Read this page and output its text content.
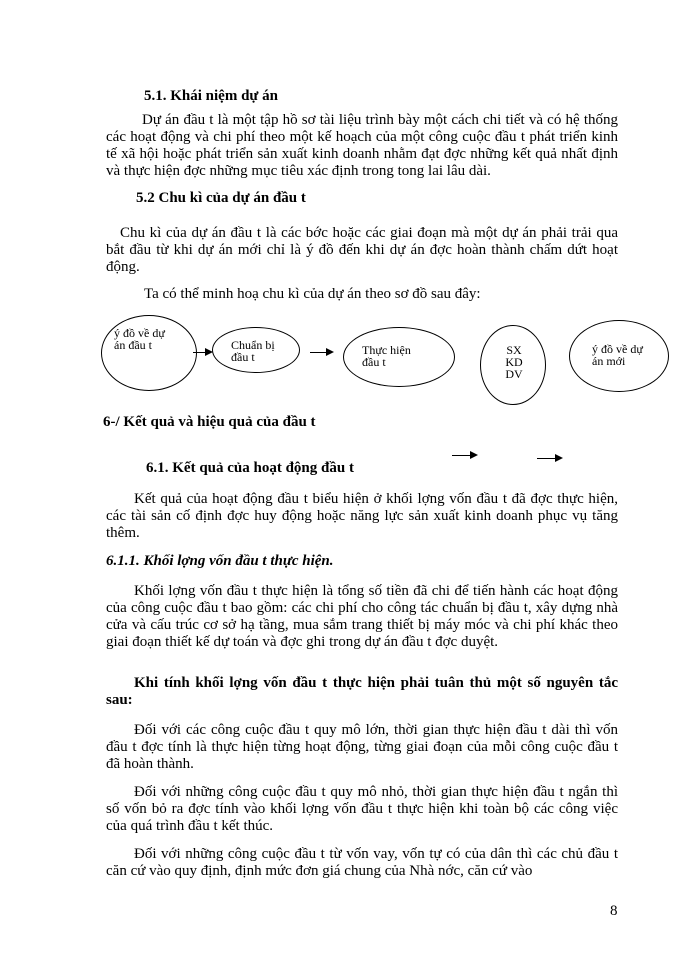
5.1. Khái niệm dự án
Dự án đầu t là một tập hồ sơ tài liệu trình bày một cách chi tiết và có hệ thống các hoạt động và chi phí theo một kế hoạch của một công cuộc đầu t phát triển kinh tế xã hội hoặc phát triển sản xuất kinh doanh nhằm đạt đợc những kết quả nhất định và thực hiện đợc những mục tiêu xác định trong tong lai lâu dài.
5.2 Chu kì của dự án đầu t
Chu kì của dự án đầu t là các bớc hoặc các giai đoạn mà một dự án phải trải qua bắt đầu từ khi dự án mới chỉ là ý đồ đến khi dự án đợc hoàn thành chấm dứt hoạt động.
Ta có thể minh hoạ chu kì của dự án theo sơ đồ sau đây:
ý đồ về dự án đầu t	Chuẩn bị đầu t	Thực hiện đầu t
SX
KD
DV
ý đồ về dự án mới
6-/ Kết quả và hiệu quả của đầu t
6.1. Kết quả của hoạt động đầu t
Kết quả của hoạt động đầu t biểu hiện ở khối lợng vốn đầu t đã đợc thực hiện, các tài sản cố định đợc huy động hoặc năng lực sản xuất kinh doanh phục vụ tăng thêm.
6.1.1. Khối lợng vốn đầu t thực hiện.
Khối lợng vốn đầu t thực hiện là tổng số tiền đã chi để tiến hành các hoạt động của công cuộc đầu t bao gồm: các chi phí cho công tác chuẩn bị đầu t, xây dựng nhà cửa và cấu trúc cơ sở hạ tầng, mua sắm trang thiết bị máy móc và chi phí khác theo giai đoạn thiết kế dự toán và đợc ghi trong dự án đầu t đợc duyệt.
Khi tính khối lợng vốn đầu t thực hiện phải tuân thủ một số nguyên tắc sau:
Đối với các công cuộc đầu t quy mô lớn, thời gian thực hiện đầu t dài thì vốn đầu t đợc tính là thực hiện từng hoạt động, từng giai đoạn của mỗi công cuộc đầu t đã hoàn thành.
Đối với những công cuộc đầu t quy mô nhỏ, thời gian thực hiện đầu t ngắn thì số vốn bỏ ra đợc tính vào khối lợng vốn đầu t thực hiện khi toàn bộ các công việc của quá trình đầu t kết thúc.
Đối với những công cuộc đầu t từ vốn vay, vốn tự có của dân thì các chủ đầu t căn cứ vào quy định, định mức đơn giá chung của Nhà nớc, căn cứ vào
8
